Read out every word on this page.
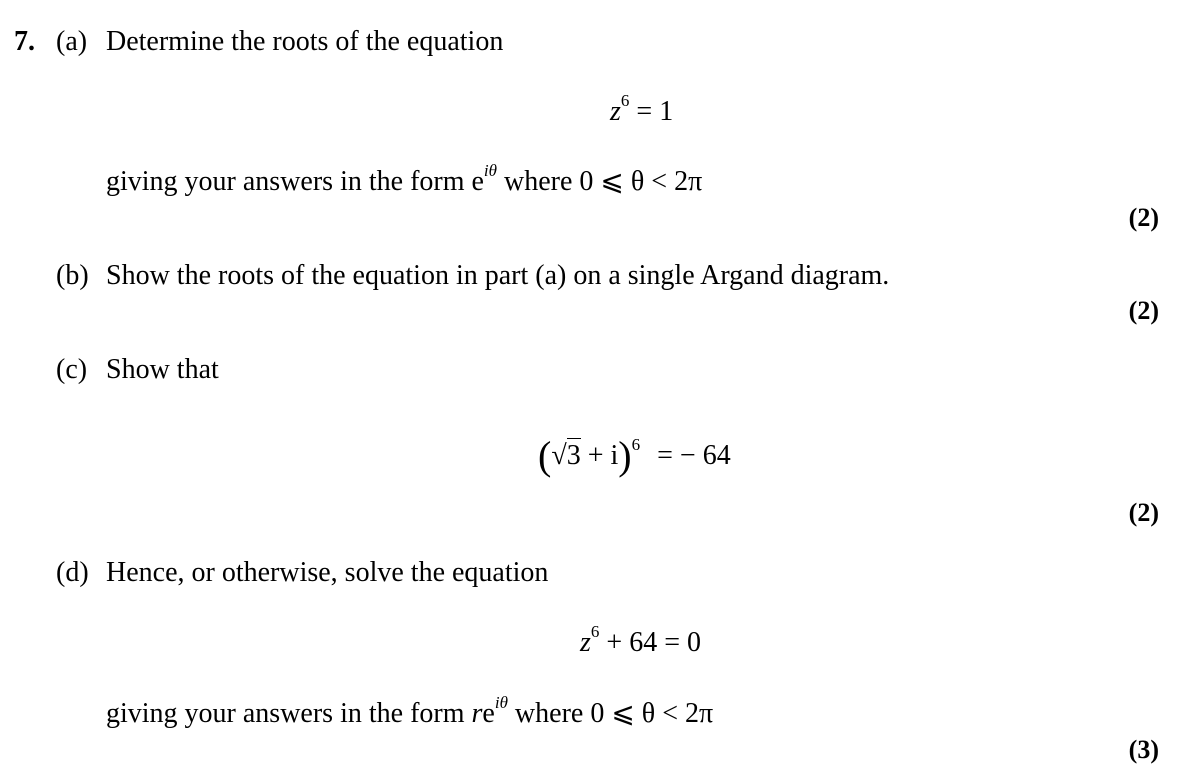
7. (a) Determine the roots of the equation
$z^6 = 1$
giving your answers in the form $e^{i\theta}$ where 0 ⩽ θ < 2π
(2)
(b) Show the roots of the equation in part (a) on a single Argand diagram.
(2)
(c) Show that
$(√3 + i)^6$ = − 64
(2)
(d) Hence, or otherwise, solve the equation
$z^6 + 64 = 0$
giving your answers in the form $re^{i\theta}$ where 0 ⩽ θ < 2π
(3)
